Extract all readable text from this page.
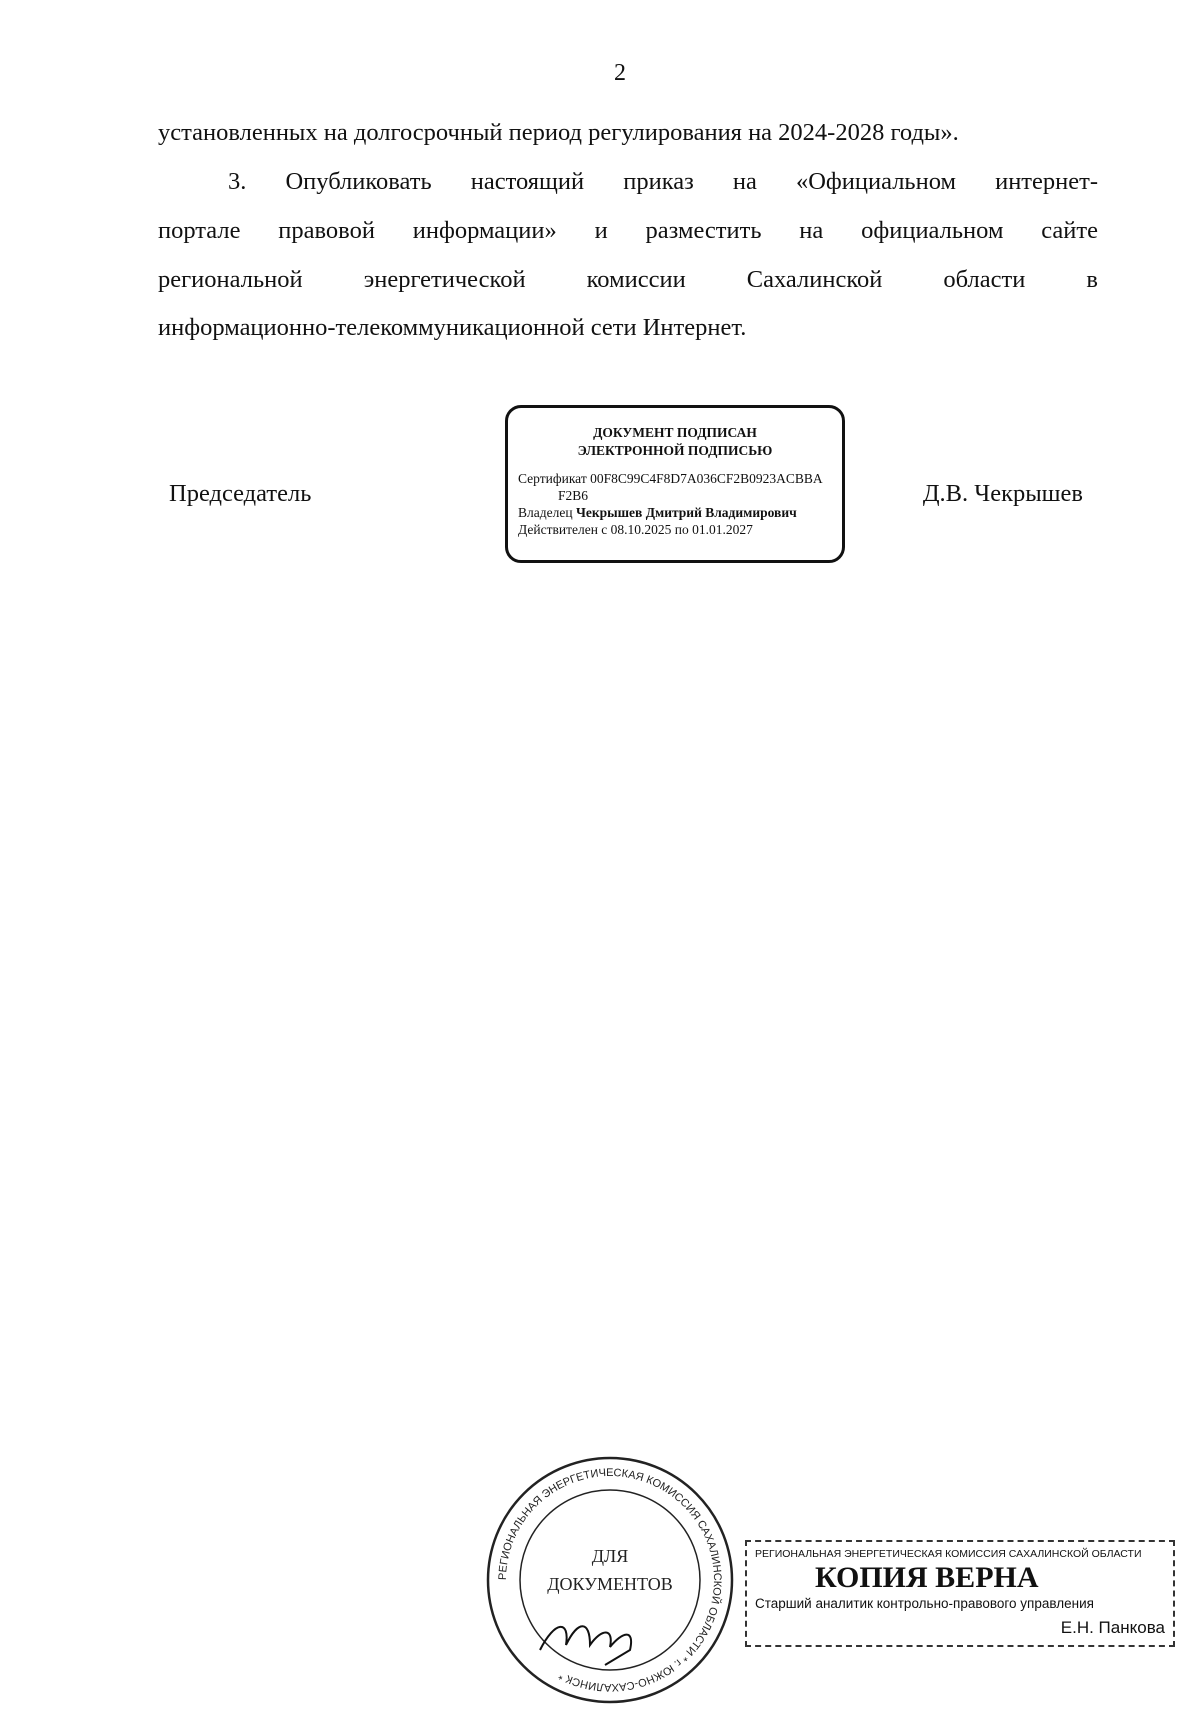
2
установленных на долгосрочный период регулирования на 2024-2028 годы».
3. Опубликовать настоящий приказ на «Официальном интернет-
портале правовой информации» и разместить на официальном сайте
региональной энергетической комиссии Сахалинской области в
информационно-телекоммуникационной сети Интернет.
Председатель	Д.В. Чекрышев
ДОКУМЕНТ ПОДПИСАН
ЭЛЕКТРОННОЙ ПОДПИСЬЮ
Сертификат 00F8C99C4F8D7A036CF2B0923ACBBA
F2B6
Владелец Чекрышев Дмитрий Владимирович
Действителен с 08.10.2025 по 01.01.2027
РЕГИОНАЛЬНАЯ ЭНЕРГЕТИЧЕСКАЯ КОМИССИЯ САХАЛИНСКОЙ ОБЛАСТИ * г. ЮЖНО-САХАЛИНСК *
ДЛЯ
ДОКУМЕНТОВ
РЕГИОНАЛЬНАЯ ЭНЕРГЕТИЧЕСКАЯ КОМИССИЯ САХАЛИНСКОЙ ОБЛАСТИ
КОПИЯ ВЕРНА
Старший аналитик контрольно-правового управления
Е.Н. Панкова
